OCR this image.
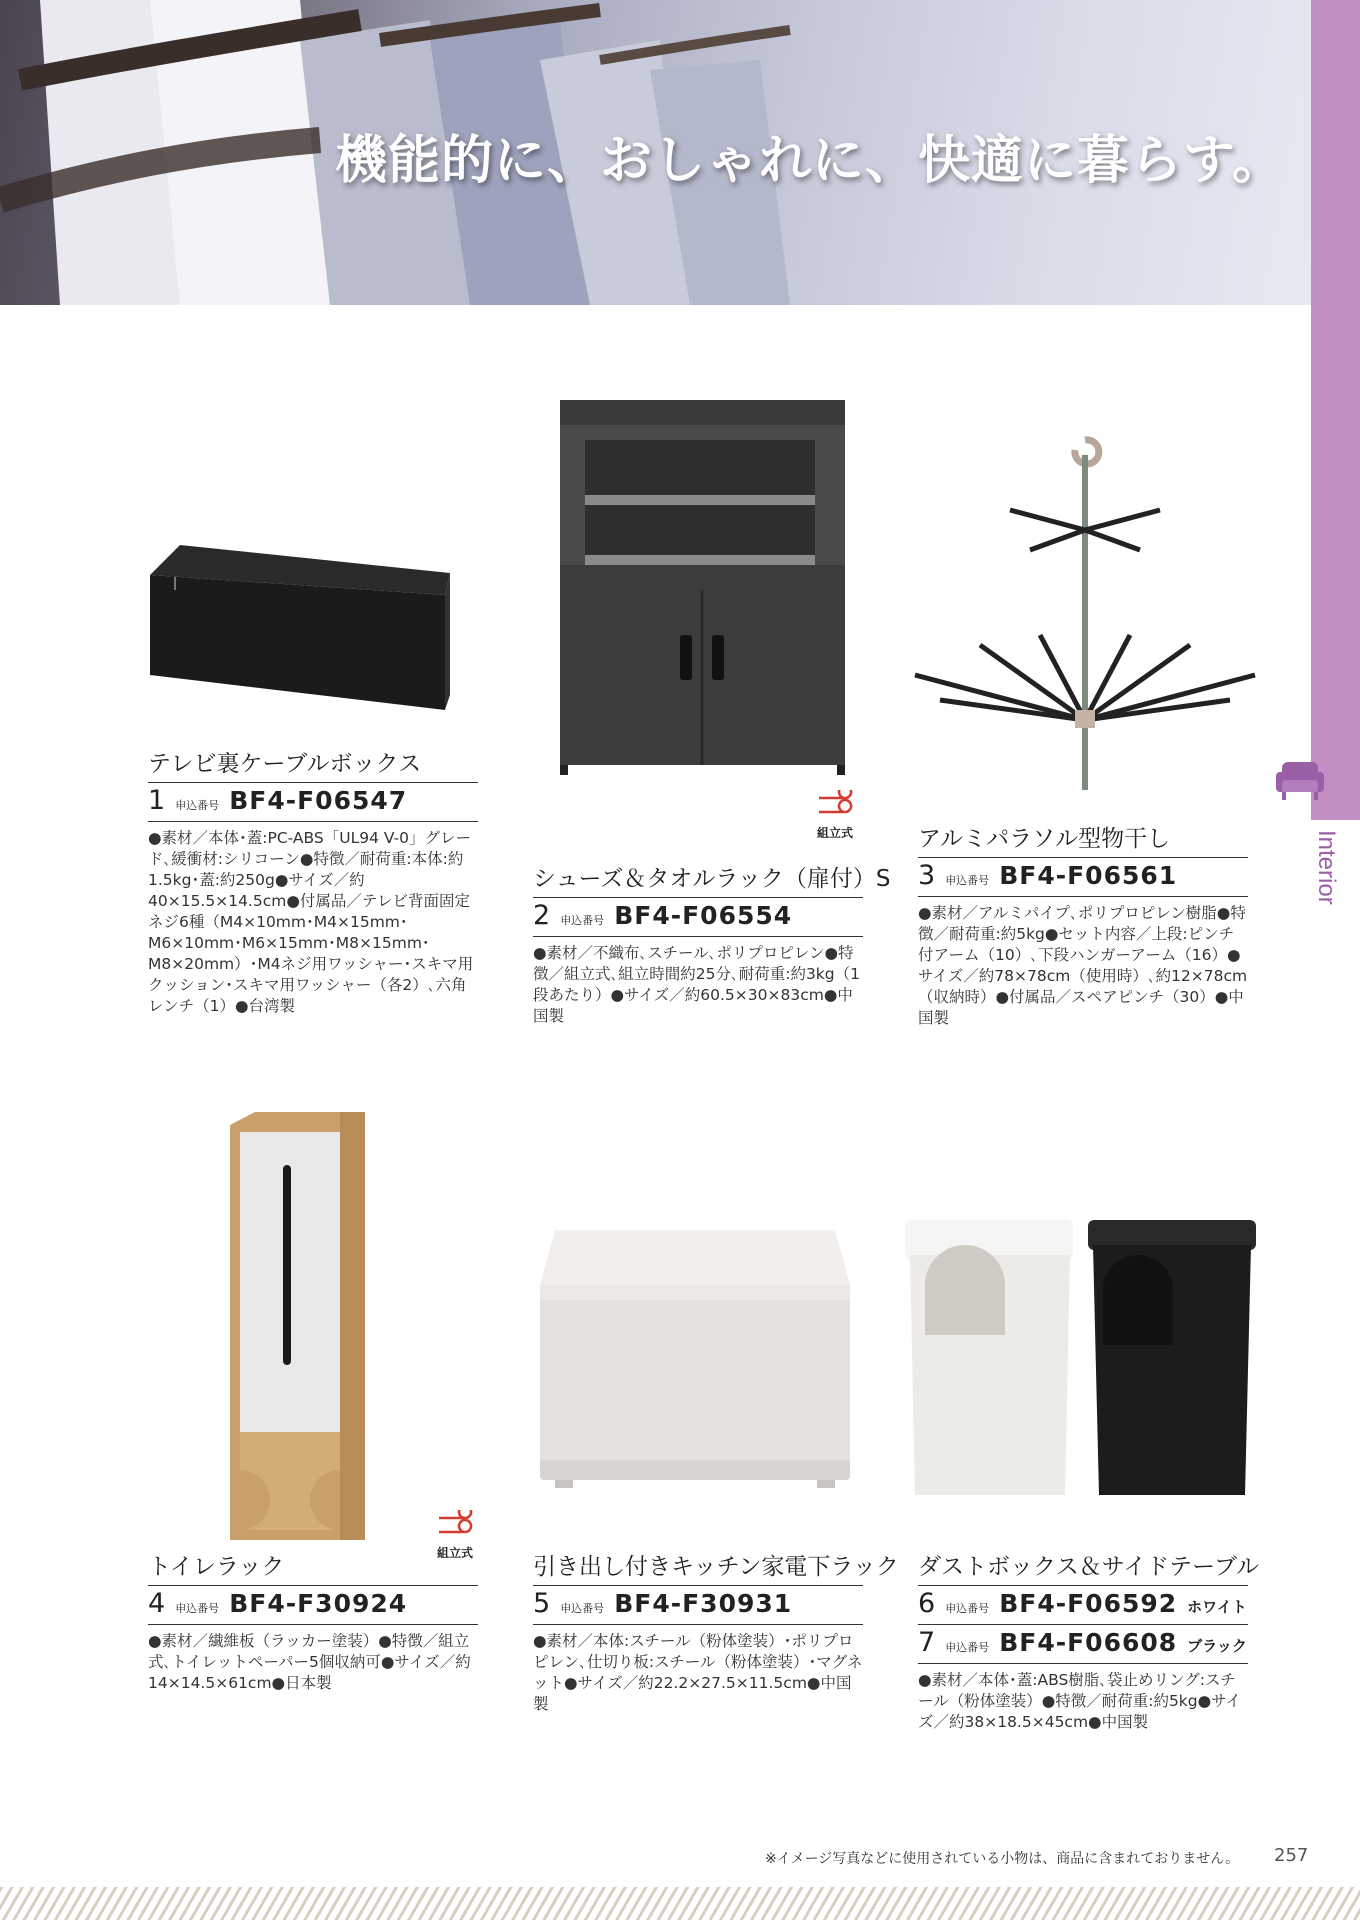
機能的に、おしゃれに、快適に暮らす。
Interior
組立式
組立式
テレビ裏ケーブルボックス
1 申込番号 BF4-F06547
●素材／本体･蓋:PC-ABS「UL94 V-0」グレード､緩衝材:シリコーン●特徴／耐荷重:本体:約1.5kg･蓋:約250g●サイズ／約40×15.5×14.5cm●付属品／テレビ背面固定ネジ6種（M4×10mm･M4×15mm･M6×10mm･M6×15mm･M8×15mm･M8×20mm）･M4ネジ用ワッシャー･スキマ用クッション･スキマ用ワッシャー（各2）､六角レンチ（1）●台湾製
シューズ＆タオルラック（扉付）S
2 申込番号 BF4-F06554
●素材／不織布､スチール､ポリプロピレン●特徴／組立式､組立時間約25分､耐荷重:約3kg（1段あたり）●サイズ／約60.5×30×83cm●中国製
アルミパラソル型物干し
3 申込番号 BF4-F06561
●素材／アルミパイプ､ポリプロピレン樹脂●特徴／耐荷重:約5kg●セット内容／上段:ピンチ付アーム（10）､下段ハンガーアーム（16）●サイズ／約78×78cm（使用時）､約12×78cm（収納時）●付属品／スペアピンチ（30）●中国製
トイレラック
4 申込番号 BF4-F30924
●素材／繊維板（ラッカー塗装）●特徴／組立式､トイレットペーパー5個収納可●サイズ／約14×14.5×61cm●日本製
引き出し付きキッチン家電下ラック
5 申込番号 BF4-F30931
●素材／本体:スチール（粉体塗装）･ポリプロピレン､仕切り板:スチール（粉体塗装）･マグネット●サイズ／約22.2×27.5×11.5cm●中国製
ダストボックス＆サイドテーブル
6 申込番号 BF4-F06592 ホワイト
7 申込番号 BF4-F06608 ブラック
●素材／本体･蓋:ABS樹脂､袋止めリング:スチール（粉体塗装）●特徴／耐荷重:約5kg●サイズ／約38×18.5×45cm●中国製
※イメージ写真などに使用されている小物は、商品に含まれておりません。 257
